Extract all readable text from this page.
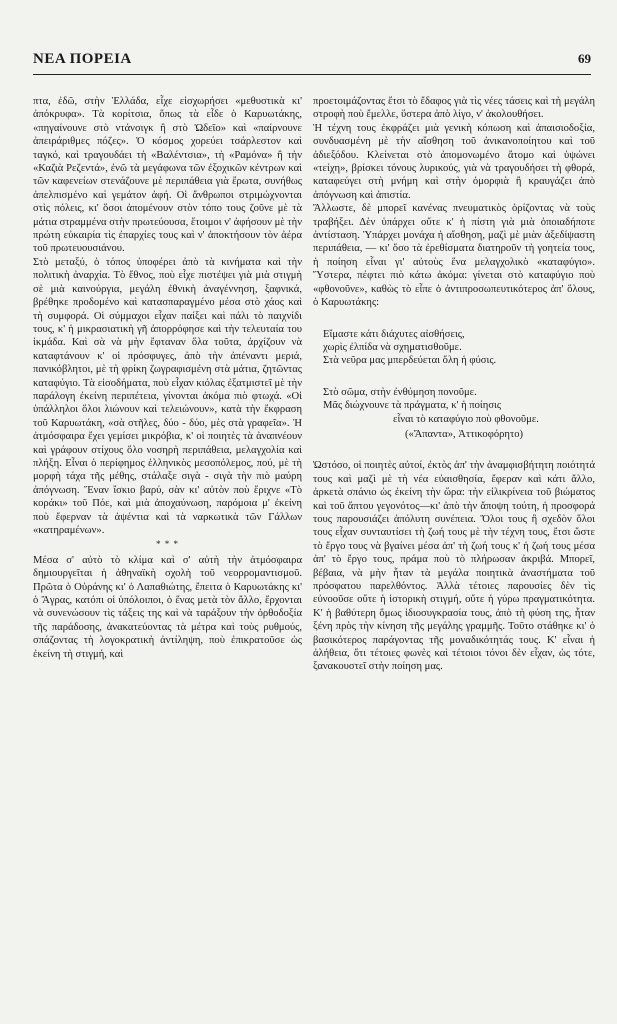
ΝΕΑ ΠΟΡΕΙΑ	69

πτα, ἐδῶ, στὴν Ἑλλάδα, εἶχε εἰσχωρήσει «μεθυστικὰ κι' ἀπόκρυφα». Τὰ κορίτσια, ὅπως τὰ εἶδε ὁ Καρυωτάκης, «πηγαίνουνε στὸ ντάνσιγκ ἢ στὸ Ὠδεῖο» καὶ «παίρνουνε ἀπειράριθμες πόζες». Ὁ κόσμος χορεύει τσάρλεστον καὶ ταγκό, καὶ τραγουδάει τὴ «Βαλέντσια», τὴ «Ραμόνα» ἢ τὴν «Καζιὰ Ρεζεντά», ἐνῶ τὰ μεγάφωνα τῶν ἐξοχικῶν κέντρων καὶ τῶν καφενείων στενάζουνε μὲ περιπάθεια γιὰ ἔρωτα, συνήθως ἀπελπισμένο καὶ γεμάτον ἀφή. Οἱ ἄνθρωποι στριμώχνονται στὶς πόλεις, κι' ὅσοι ἀπομένουν στὸν τόπο τους ζοῦνε μὲ τὰ μάτια στραμμένα στὴν πρωτεύουσα, ἕτοιμοι ν' ἀφήσουν μὲ τὴν πρώτη εὐκαιρία τὶς ἐπαρχίες τους καὶ ν' ἀποκτήσουν τὸν ἀέρα τοῦ πρωτευουσιάνου.

Στὸ μεταξύ, ὁ τόπος ὑποφέρει ἀπὸ τὰ κινήματα καὶ τὴν πολιτικὴ ἀναρχία. Τὸ ἔθνος, ποὺ εἶχε πιστέψει γιὰ μιὰ στιγμὴ σὲ μιὰ καινούργια, μεγάλη ἐθνικὴ ἀναγέννηση, ξαφνικά, βρέθηκε προδομένο καὶ κατασπαραγμένο μέσα στὸ χάος καὶ τὴ συμφορά. Οἱ σύμμαχοι εἶχαν παίξει καὶ πάλι τὸ παιχνίδι τους, κ' ἡ μικρασιατικὴ γῆ ἀπορρόφησε καὶ τὴν τελευταία του ἰκμάδα. Καὶ σὰ νὰ μὴν ἔφταναν ὅλα τοῦτα, ἀρχίζουν νὰ καταφτάνουν κ' οἱ πρόσφυγες, ἀπὸ τὴν ἀπέναντι μεριά, πανικόβλητοι, μὲ τὴ φρίκη ζωγραφισμένη στὰ μάτια, ζητῶντας καταφύγιο. Τὰ εἰσοδήματα, ποὺ εἶχαν κιόλας ἐξατμιστεῖ μὲ τὴν παράλογη ἐκείνη περιπέτεια, γίνονται ἀκόμα πιὸ φτωχά. «Οἱ ὑπάλληλοι ὅλοι λιώνουν καὶ τελειώνουν», κατὰ τὴν ἔκφραση τοῦ Καρυωτάκη, «σὰ στῆλες, δύο - δύο, μὲς στὰ γραφεῖα». Ἡ ἀτμόσφαιρα ἔχει γεμίσει μικρόβια, κ' οἱ ποιητὲς τὰ ἀναπνέουν καὶ γράφουν στίχους ὅλο νοσηρὴ περιπάθεια, μελαγχολία καὶ πλήξη. Εἶναι ὁ περίφημος ἑλληνικὸς μεσοπόλεμος, πού, μὲ τὴ μορφὴ τάχα τῆς μέθης, στάλαξε σιγὰ - σιγὰ τὴν πιὸ μαύρη ἀπόγνωση. Ἕναν ἴσκιο βαρύ, σὰν κι' αὐτὸν ποὺ ἔριχνε «Τὸ κοράκι» τοῦ Πόε, καὶ μιὰ ἀποχαύνωση, παρόμοια μ' ἐκείνη ποὺ ἔφερναν τὰ ἀψέντια καὶ τὰ ναρκωτικὰ τῶν Γάλλων «κατηραμένων».

* * *

Μέσα σ' αὐτὸ τὸ κλίμα καὶ σ' αὐτὴ τὴν ἀτμόσφαιρα δημιουργεῖται ἡ ἀθηναϊκὴ σχολὴ τοῦ νεορρομαντισμοῦ. Πρῶτα ὁ Οὐράνης κι' ὁ Λαπαθιώτης, ἔπειτα ὁ Καρυωτάκης κι' ὁ Ἄγρας, κατόπι οἱ ὑπόλοιποι, ὁ ἕνας μετὰ τὸν ἄλλο, ἔρχονται νὰ συνενώσουν τὶς τάξεις της καὶ νὰ ταράξουν τὴν ὀρθοδοξία τῆς παράδοσης, ἀνακατεύοντας τὰ μέτρα καὶ τοὺς ρυθμούς, σπάζοντας τὴ λογοκρατικὴ ἀντίληψη, ποὺ ἐπικρατοῦσε ὡς ἐκείνη τὴ στιγμή, καὶ

προετοιμάζοντας ἔτσι τὸ ἔδαφος γιὰ τὶς νέες τάσεις καὶ τὴ μεγάλη στροφὴ ποὺ ἔμελλε, ὕστερα ἀπὸ λίγο, ν' ἀκολουθήσει.

Ἡ τέχνη τους ἐκφράζει μιὰ γενικὴ κόπωση καὶ ἀπαισιοδοξία, συνδυασμένη μὲ τὴν αἴσθηση τοῦ ἀνικανοποίητου καὶ τοῦ ἀδιεξόδου. Κλείνεται στὸ ἀπομονωμένο ἄτομο καὶ ὑψώνει «τείχη», βρίσκει τόνους λυρικούς, γιὰ νὰ τραγουδήσει τὴ φθορά, καταφεύγει στὴ μνήμη καὶ στὴν ὀμορφιὰ ἢ κραυγάζει ἀπὸ ἀπόγνωση καὶ ἀπιστία.

Ἄλλωστε, δὲ μπορεῖ κανένας πνευματικὸς ὁρίζοντας νὰ τοὺς τραβήξει. Δὲν ὑπάρχει οὔτε κ' ἡ πίστη γιὰ μιὰ ὁποιαδήποτε ἀντίσταση. Ὑπάρχει μονάχα ἡ αἴσθηση, μαζὶ μὲ μιὰν ἀξεδίψαστη περιπάθεια, — κι' ὅσο τὰ ἐρεθίσματα διατηροῦν τὴ γοητεία τους, ἡ ποίηση εἶναι γι' αὐτοὺς ἕνα μελαγχολικὸ «καταφύγιο». Ὕστερα, πέφτει πιὸ κάτω ἀκόμα: γίνεται στὸ καταφύγιο ποὺ «φθονοῦνε», καθὼς τὸ εἶπε ὁ ἀντιπροσωπευτικότερος ἀπ' ὅλους, ὁ Καρυωτάκης:

Εἴμαστε κάτι διάχυτες αἰσθήσεις,
χωρὶς ἐλπίδα νὰ σχηματισθοῦμε.
Στὰ νεῦρα μας μπερδεύεται ὅλη ἡ φύσις.
Στὸ σῶμα, στὴν ἐνθύμηση πονοῦμε.
Μᾶς διώχνουνε τὰ πράγματα, κ' ἡ ποίησις
εἶναι τὸ καταφύγιο ποὺ φθονοῦμε.
(«Ἅπαντα», Ἀττικοφόρητο)

Ὡστόσο, οἱ ποιητὲς αὐτοί, ἐκτὸς ἀπ' τὴν ἀναμφισβήτητη ποιότητά τους καὶ μαζὶ μὲ τὴ νέα εὐαισθησία, ἔφεραν καὶ κάτι ἄλλο, ἀρκετὰ σπάνιο ὡς ἐκείνη τὴν ὥρα: τὴν εἰλικρίνεια τοῦ βιώματος καὶ τοῦ ἄπτου γεγονότος—κι' ἀπὸ τὴν ἄποψη τούτη, ἡ προσφορά τους παρουσιάζει ἀπόλυτη συνέπεια. Ὅλοι τους ἢ σχεδὸν ὅλοι τους εἶχαν συνταυτίσει τὴ ζωή τους μὲ τὴν τέχνη τους, ἔτσι ὥστε τὸ ἔργο τους νὰ βγαίνει μέσα ἀπ' τὴ ζωή τους κ' ἡ ζωή τους μέσα ἀπ' τὸ ἔργο τους, πράμα ποὺ τὸ πλήρωσαν ἀκριβά. Μπορεῖ, βέβαια, νὰ μὴν ἦταν τὰ μεγάλα ποιητικὰ ἀναστήματα τοῦ πρόσφατου παρελθόντος. Ἀλλὰ τέτοιες παρουσίες δὲν τὶς εὐνοοῦσε οὔτε ἡ ἱστορικὴ στιγμή, οὔτε ἡ γύρω πραγματικότητα. Κ' ἡ βαθύτερη ὅμως ἰδιοσυγκρασία τους, ἀπὸ τὴ φύση της, ἦταν ξένη πρὸς τὴν κίνηση τῆς μεγάλης γραμμῆς. Τοῦτο στάθηκε κι' ὁ βασικότερος παράγοντας τῆς μοναδικότητάς τους. Κ' εἶναι ἡ ἀλήθεια, ὅτι τέτοιες φωνὲς καὶ τέτοιοι τόνοι δὲν εἶχαν, ὡς τότε, ξανακουστεῖ στὴν ποίηση μας.
